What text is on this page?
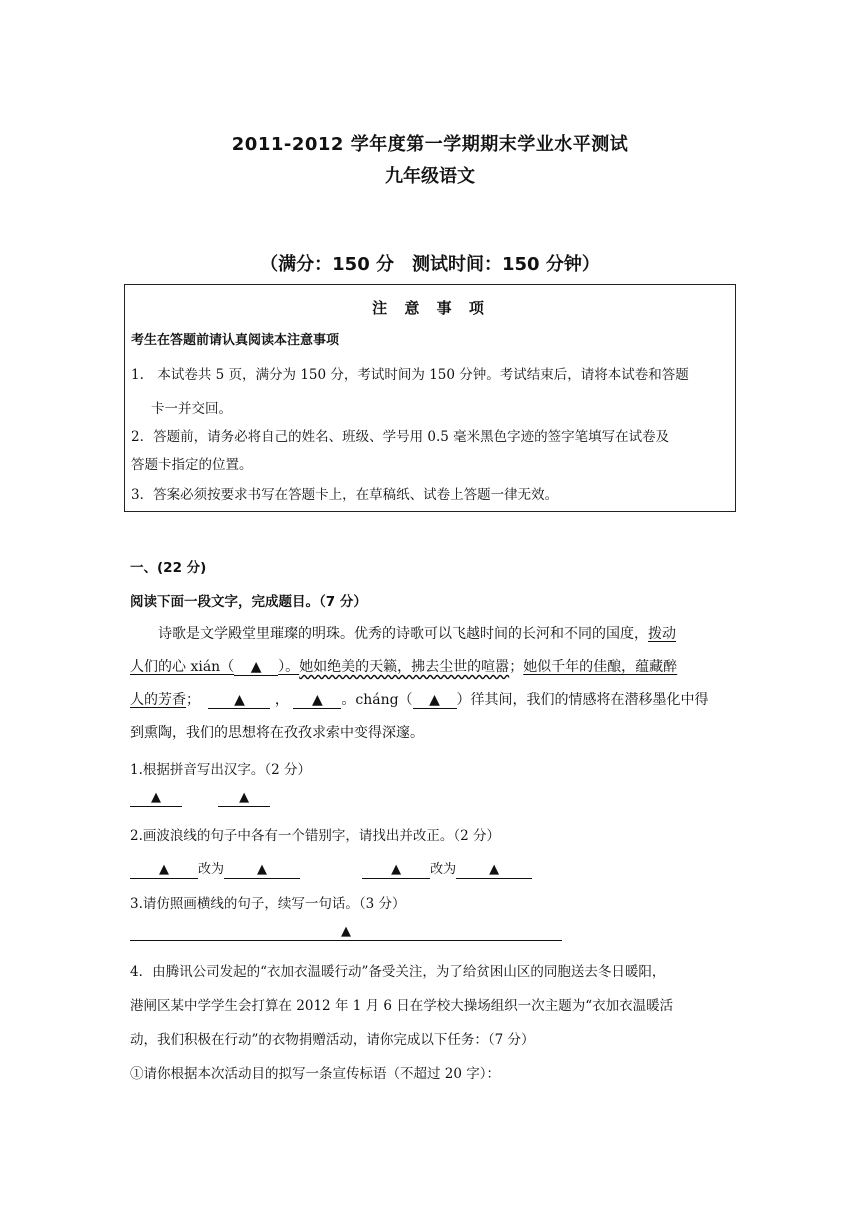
2011-2012 学年度第一学期期末学业水平测试
九年级语文
（满分：150 分　测试时间：150 分钟）
注 意 事 项
考生在答题前请认真阅读本注意事项
1.　本试卷共 5 页，满分为 150 分，考试时间为 150 分钟。考试结束后，请将本试卷和答题
卡一并交回。
2．答题前，请务必将自己的姓名、班级、学号用 0.5 毫米黑色字迹的签字笔填写在试卷及
答题卡指定的位置。
3．答案必须按要求书写在答题卡上，在草稿纸、试卷上答题一律无效。
一、(22 分)
阅读下面一段文字，完成题目。（7 分）
诗歌是文学殿堂里璀璨的明珠。优秀的诗歌可以飞越时间的长河和不同的国度，拨动
人们的心 xián（ ▲ ）。她如绝美的天籁，拂去尘世的喧嚣；她似千年的佳酿，蕴藏醉
人的芳香； ▲ ， ▲ 。cháng（ ▲ ）徉其间，我们的情感将在潜移墨化中得
到熏陶，我们的思想将在孜孜求索中变得深邃。
1.根据拼音写出汉字。（2 分）
▲	▲
2.画波浪线的句子中各有一个错别字，请找出并改正。（2 分）
▲ 改为	▲	▲ 改为	▲
3.请仿照画横线的句子，续写一句话。（3 分）
▲
4．由腾讯公司发起的“衣加衣温暖行动”备受关注，为了给贫困山区的同胞送去冬日暖阳，
港闸区某中学学生会打算在 2012 年 1 月 6 日在学校大操场组织一次主题为“衣加衣温暖活
动，我们积极在行动”的衣物捐赠活动，请你完成以下任务：（7 分）
①请你根据本次活动目的拟写一条宣传标语（不超过 20 字）：
